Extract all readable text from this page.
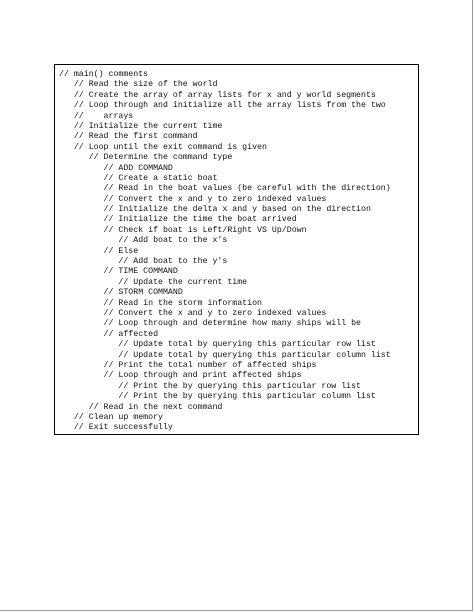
// main() comments
// Read the size of the world
// Create the array of array lists for x and y world segments
// Loop through and initialize all the array lists from the two
//    arrays
// Initialize the current time
// Read the first command
// Loop until the exit command is given
// Determine the command type
// ADD COMMAND
// Create a static boat
// Read in the boat values (be careful with the direction)
// Convert the x and y to zero indexed values
// Initialize the delta x and y based on the direction
// Initialize the time the boat arrived
// Check if boat is Left/Right VS Up/Down
// Add boat to the x's
// Else
// Add boat to the y's
// TIME COMMAND
// Update the current time
// STORM COMMAND
// Read in the storm information
// Convert the x and y to zero indexed values
// Loop through and determine how many ships will be
// affected
// Update total by querying this particular row list
// Update total by querying this particular column list
// Print the total number of affected ships
// Loop through and print affected ships
// Print the by querying this particular row list
// Print the by querying this particular column list
// Read in the next command
// Clean up memory
// Exit successfully
